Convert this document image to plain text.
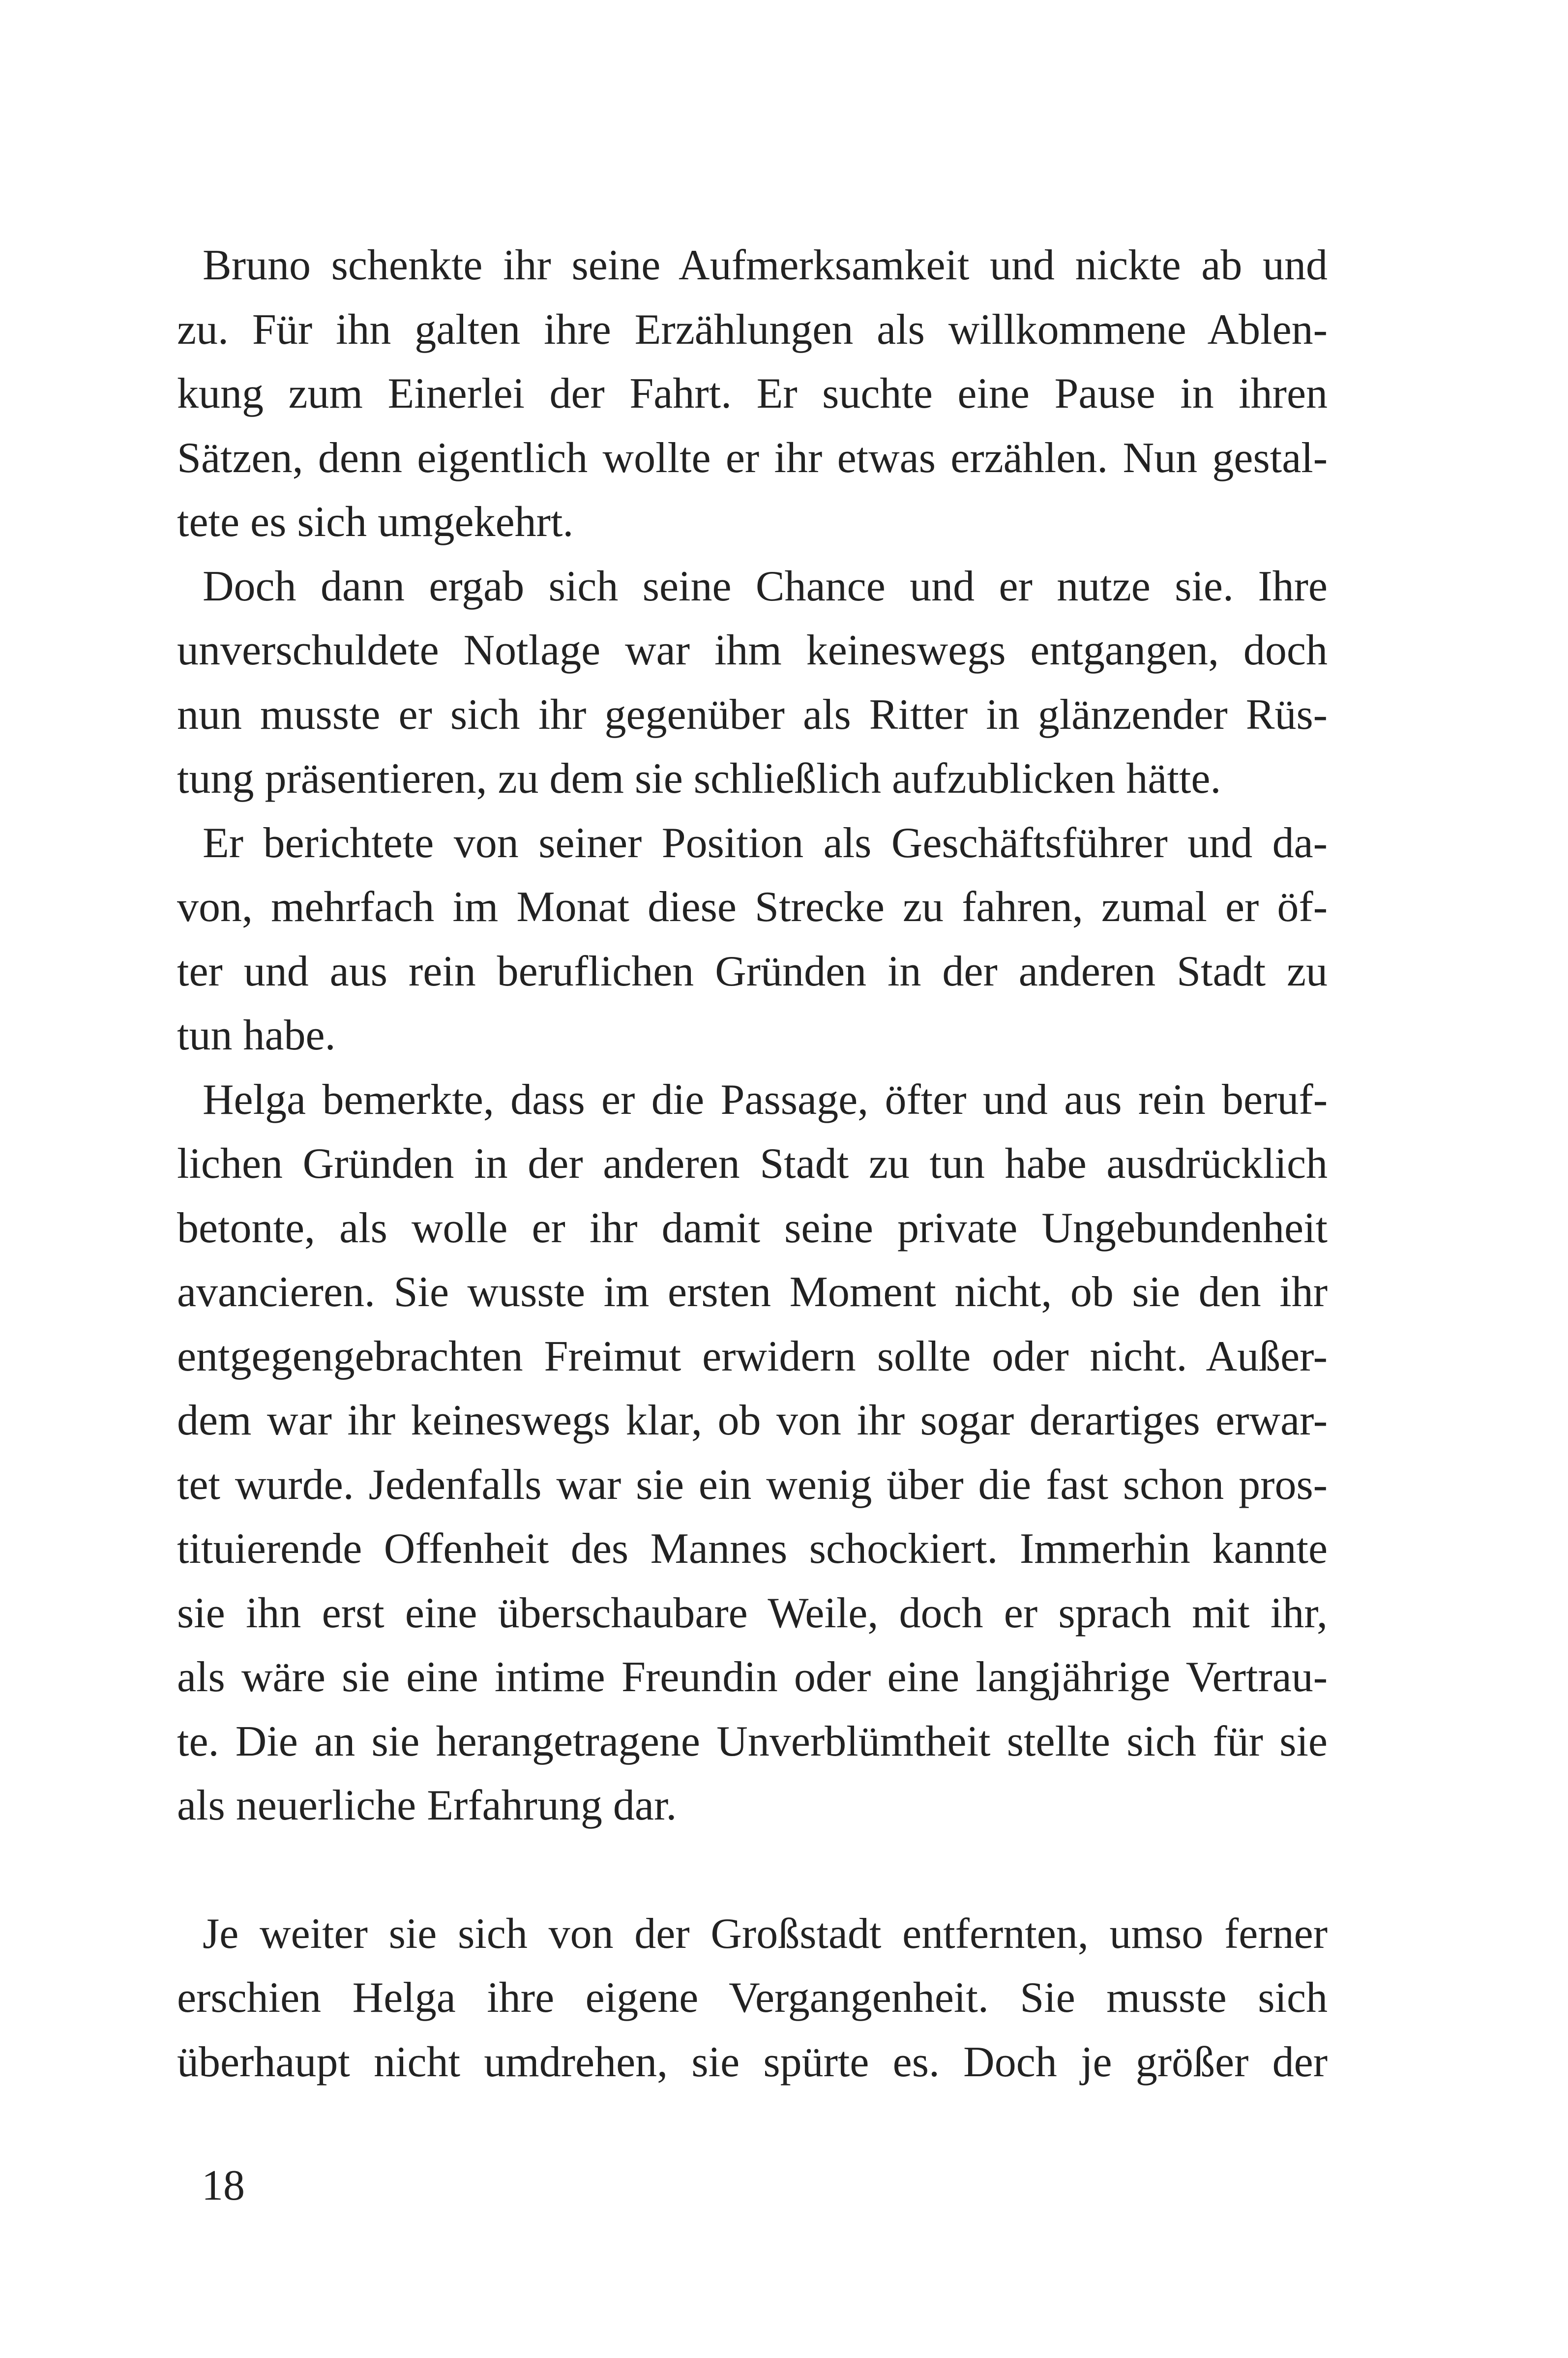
Bruno schenkte ihr seine Aufmerksamkeit und nickte ab und
zu. Für ihn galten ihre Erzählungen als willkommene Ablen-
kung zum Einerlei der Fahrt. Er suchte eine Pause in ihren
Sätzen, denn eigentlich wollte er ihr etwas erzählen. Nun gestal-
tete es sich umgekehrt.
Doch dann ergab sich seine Chance und er nutze sie. Ihre
unverschuldete Notlage war ihm keineswegs entgangen, doch
nun musste er sich ihr gegenüber als Ritter in glänzender Rüs-
tung präsentieren, zu dem sie schließlich aufzublicken hätte.
Er berichtete von seiner Position als Geschäftsführer und da-
von, mehrfach im Monat diese Strecke zu fahren, zumal er öf-
ter und aus rein beruflichen Gründen in der anderen Stadt zu
tun habe.
Helga bemerkte, dass er die Passage, öfter und aus rein beruf-
lichen Gründen in der anderen Stadt zu tun habe ausdrücklich
betonte, als wolle er ihr damit seine private Ungebundenheit
avancieren. Sie wusste im ersten Moment nicht, ob sie den ihr
entgegengebrachten Freimut erwidern sollte oder nicht. Außer-
dem war ihr keineswegs klar, ob von ihr sogar derartiges erwar-
tet wurde. Jedenfalls war sie ein wenig über die fast schon pros-
tituierende Offenheit des Mannes schockiert. Immerhin kannte
sie ihn erst eine überschaubare Weile, doch er sprach mit ihr,
als wäre sie eine intime Freundin oder eine langjährige Vertrau-
te. Die an sie herangetragene Unverblümtheit stellte sich für sie
als neuerliche Erfahrung dar.
Je weiter sie sich von der Großstadt entfernten, umso ferner
erschien Helga ihre eigene Vergangenheit. Sie musste sich
überhaupt nicht umdrehen, sie spürte es. Doch je größer der

18
